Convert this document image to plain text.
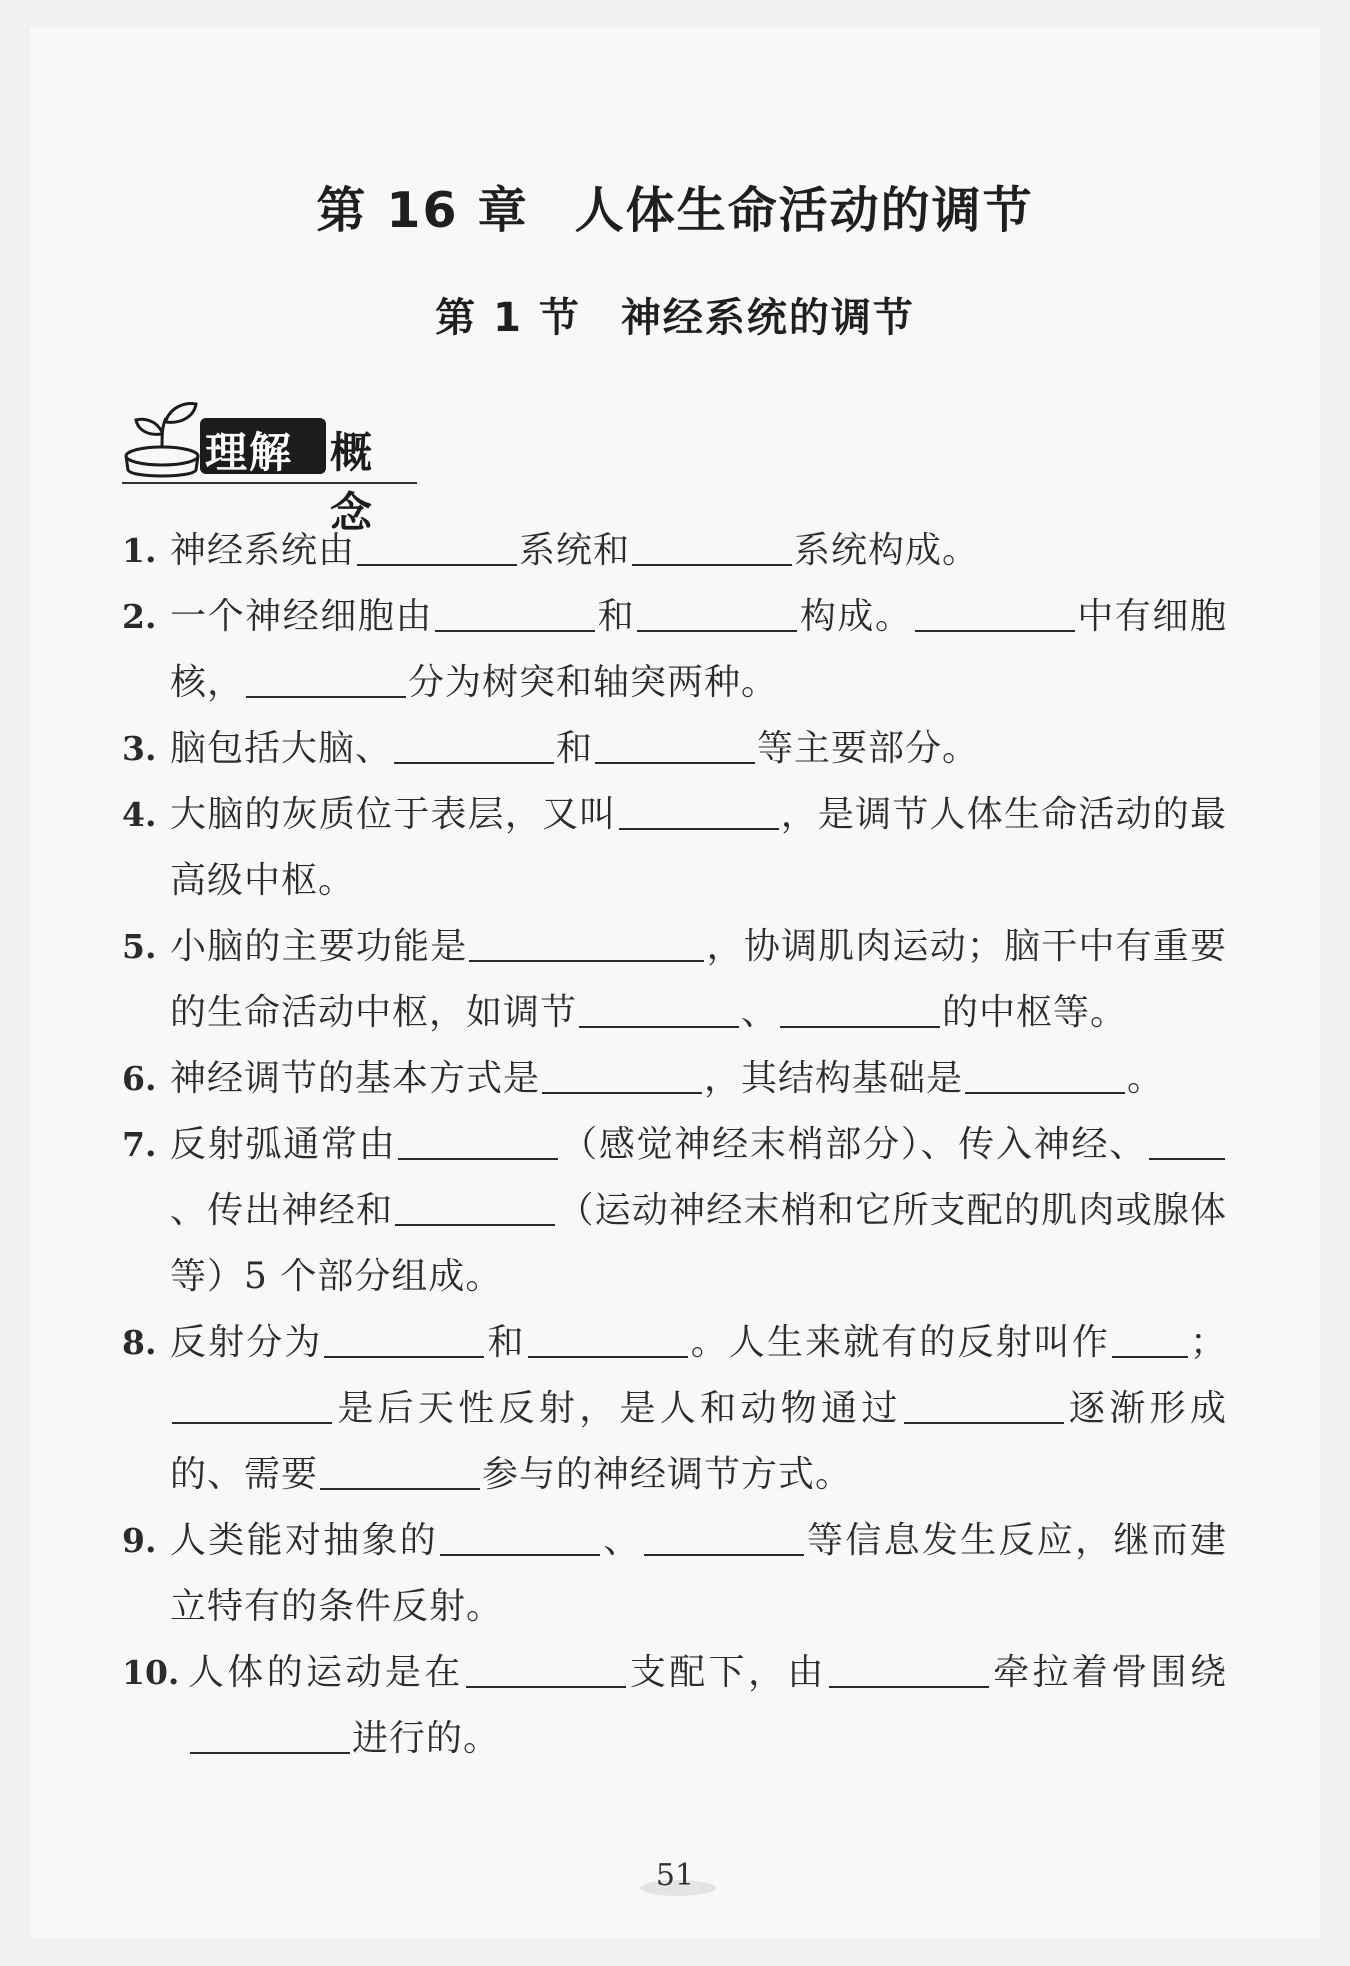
第 16 章 人体生命活动的调节
第 1 节 神经系统的调节
理解 概念
1. 神经系统由	系统和	系统构成。
2. 一个神经细胞由	和	构成。	中有细胞核，	分为树突和轴突两种。
3. 脑包括大脑、	和	等主要部分。
4. 大脑的灰质位于表层，又叫	，是调节人体生命活动的最高级中枢。
5. 小脑的主要功能是	，协调肌肉运动；脑干中有重要的生命活动中枢，如调节	、	的中枢等。
6. 神经调节的基本方式是	，其结构基础是	。
7. 反射弧通常由	（感觉神经末梢部分）、传入神经、、传出神经和	（运动神经末梢和它所支配的肌肉或腺体等）5 个部分组成。
8. 反射分为	和	。人生来就有的反射叫作 ；是后天性反射，是人和动物通过	逐渐形成的、需要	参与的神经调节方式。
9. 人类能对抽象的	、	等信息发生反应，继而建立特有的条件反射。
10. 人体的运动是在	支配下，由	牵拉着骨围绕进行的。
51
